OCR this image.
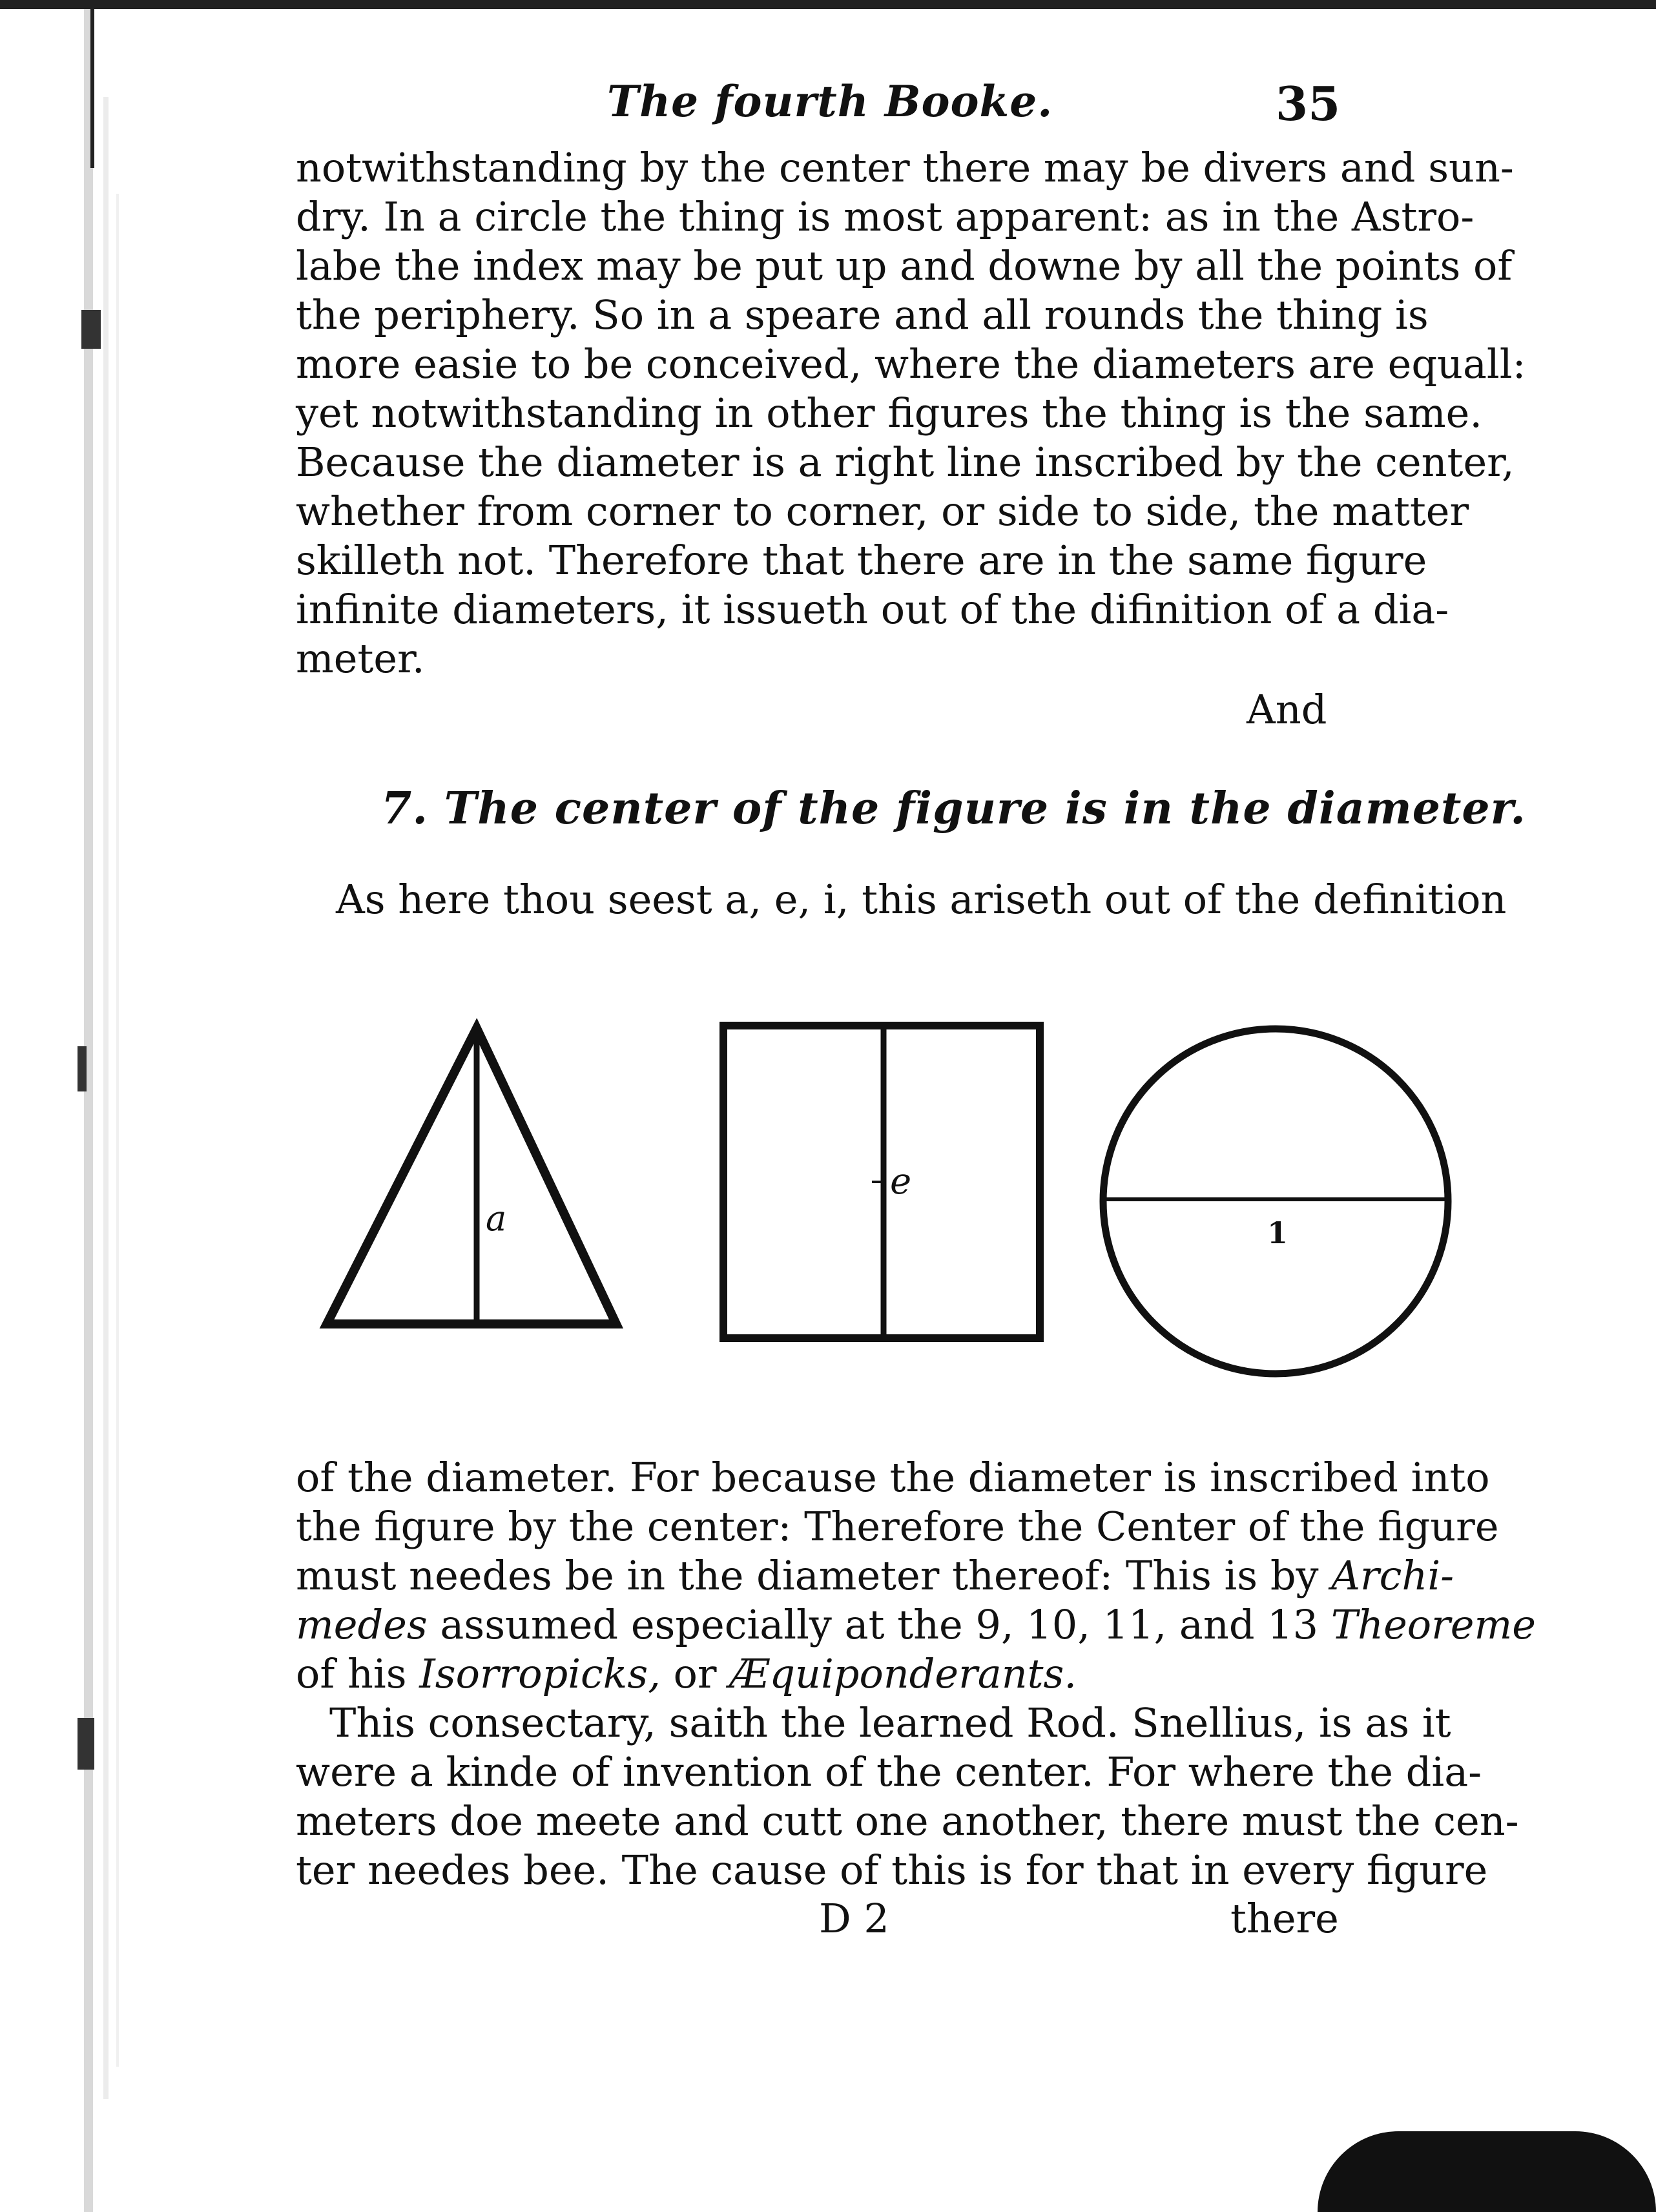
The fourth Booke.	35
notwithstanding by the center there may be divers and sun-
dry. In a circle the thing is most apparent: as in the Astro-
labe the index may be put up and downe by all the points of
the periphery. So in a speare and all rounds the thing is
more easie to be conceived, where the diameters are equall:
yet notwithstanding in other figures the thing is the same.
Because the diameter is a right line inscribed by the center,
whether from corner to corner, or side to side, the matter
skilleth not. Therefore that there are in the same figure
infinite diameters, it issueth out of the difinition of a dia-
meter.
And
7. The center of the figure is in the diameter.
As here thou seest a, e, i, this ariseth out of the definition
a
e
1
of the diameter. For because the diameter is inscribed into
the figure by the center: Therefore the Center of the figure
must needes be in the diameter thereof: This is by Archi-
medes assumed especially at the 9, 10, 11, and 13 Theoreme
of his Isorropicks, or Æquiponderants.
This consectary, saith the learned Rod. Snellius, is as it
were a kinde of invention of the center. For where the dia-
meters doe meete and cutt one another, there must the cen-
ter needes bee. The cause of this is for that in every figure
D 2	there
